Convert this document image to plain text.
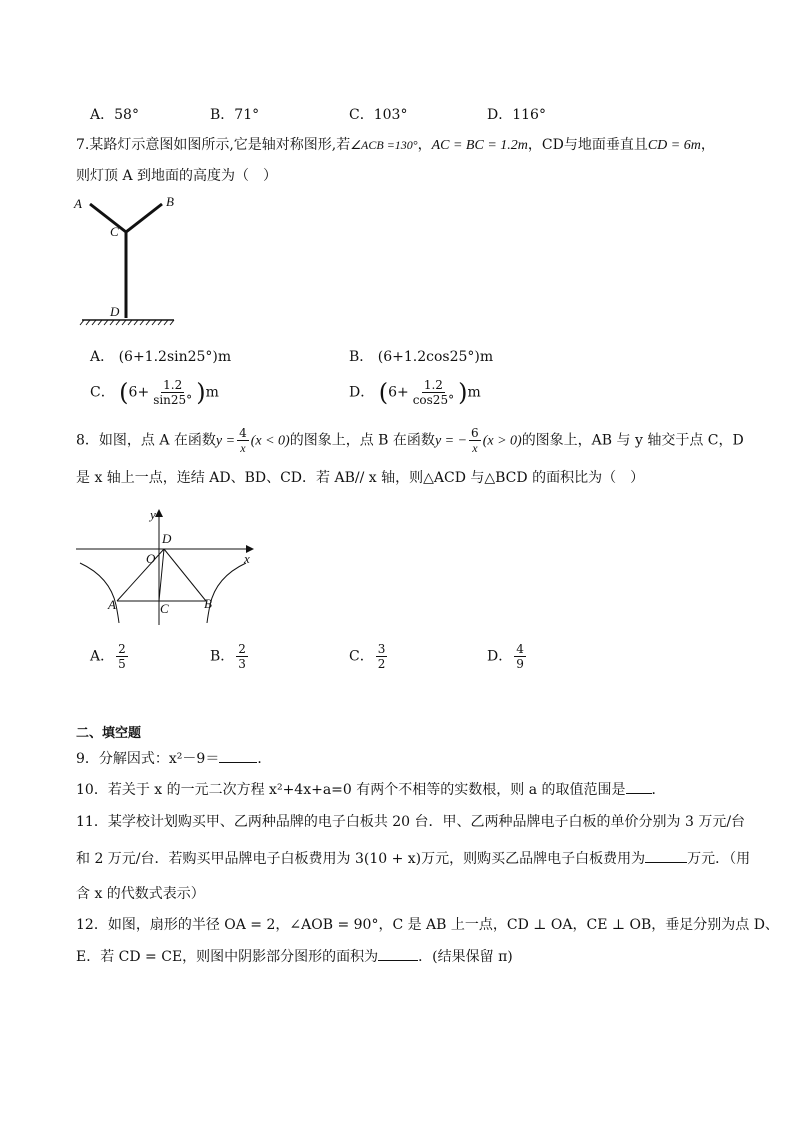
A．58°	B．71°	C．103°	D．116°
7.某路灯示意图如图所示,它是轴对称图形,若∠ACB =130°，AC = BC = 1.2m，CD与地面垂直且CD = 6m，
则灯顶 A 到地面的高度为（　）
A	B
C
D
A． (6+1.2sin25°)m	B． (6+1.2cos25°)m
C． $(6+ \frac{1.2}{\sin 25^\circ} )m$	D． $(6+ \frac{1.2}{\cos 25^\circ} )m$
8．如图，点 A 在函数$y = \frac{4}{x} (x < 0)$的图象上，点 B 在函数y = − $\frac{6}{x} (x > 0)$的图象上，AB 与 y 轴交于点 C，D
是 x 轴上一点，连结 AD、BD、CD．若 AB// x 轴，则△ACD 与△BCD 的面积比为（　）
y
x
O
D
A	B
C
A． $\frac{2}{5}$	B． $\frac{2}{3}$	C． $\frac{3}{2}$	D． $\frac{4}{9}$
二、填空题
9．分解因式：x²－9＝	．
10．若关于 x 的一元二次方程 x²+4x+a=0 有两个不相等的实数根，则 a 的取值范围是 ．
11．某学校计划购买甲、乙两种品牌的电子白板共 20 台．甲、乙两种品牌电子白板的单价分别为 3 万元/台
和 2 万元/台．若购买甲品牌电子白板费用为 3(10 + x)万元，则购买乙品牌电子白板费用为	万元．（用
含 x 的代数式表示）
12．如图，扇形的半径 OA = 2，∠AOB = 90°，C 是 AB 上一点，CD ⊥ OA，CE ⊥ OB，垂足分别为点 D、
E．若 CD = CE，则图中阴影部分图形的面积为	．(结果保留 π)
